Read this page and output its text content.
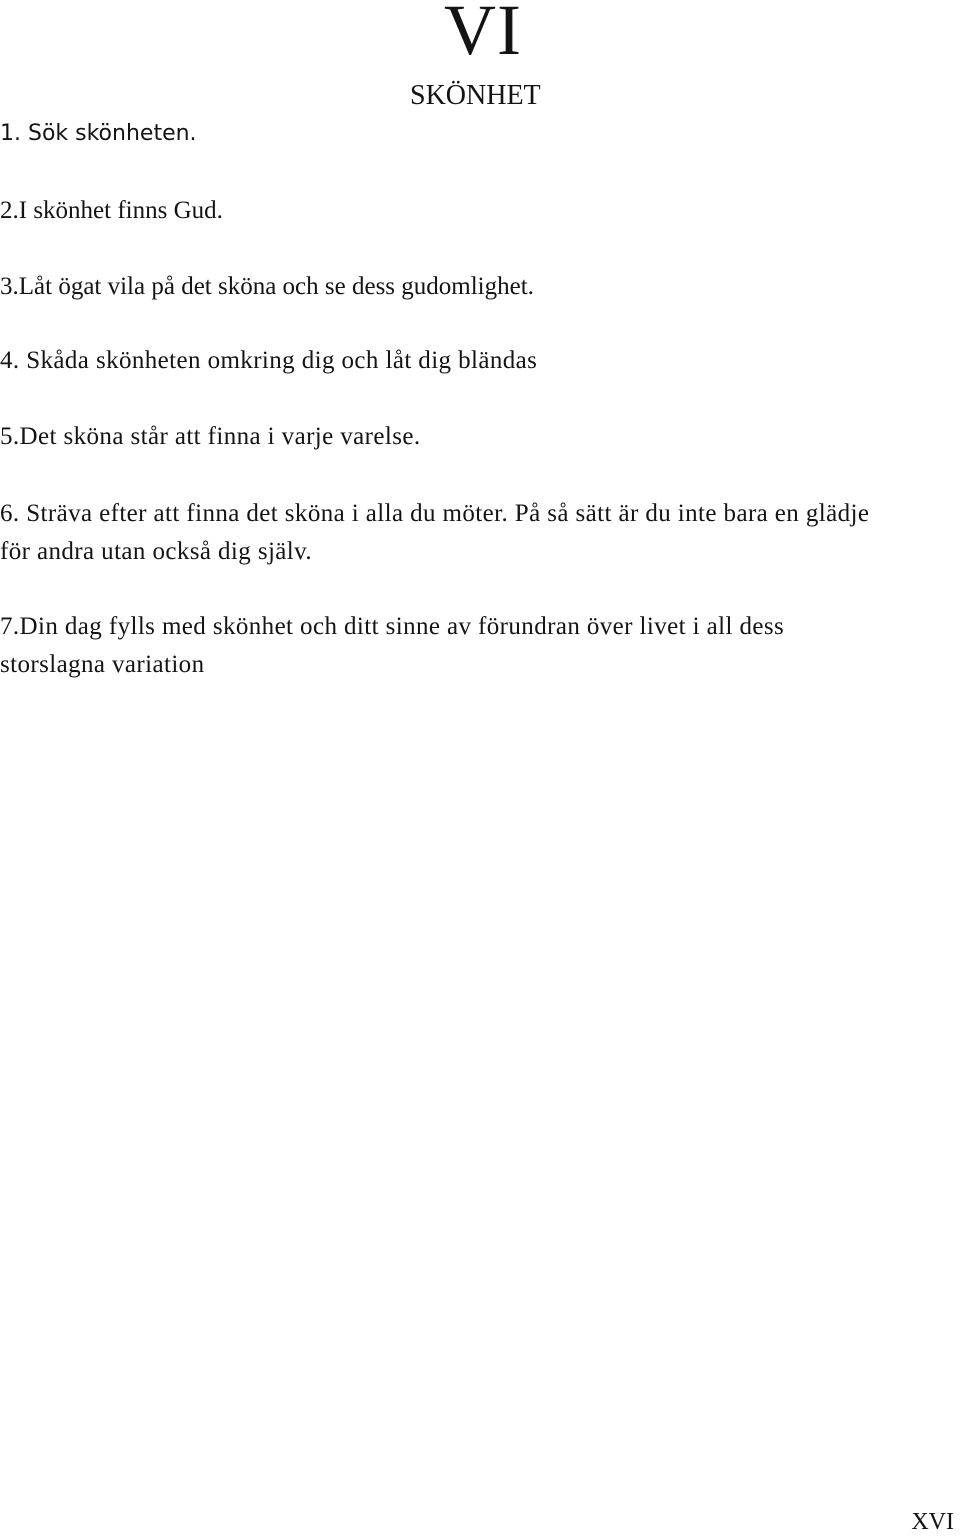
VI
SKÖNHET
1. Sök skönheten.
2.I skönhet finns Gud.
3.Låt ögat vila på det sköna och se dess gudomlighet.
4. Skåda skönheten omkring dig och låt dig bländas
5.Det sköna står att finna i varje varelse.
6. Sträva efter att finna det sköna i alla du möter. På så sätt är du inte bara en glädje
för andra utan också dig själv.
7.Din dag fylls med skönhet och ditt sinne av förundran över livet i all dess
storslagna variation
XVI
